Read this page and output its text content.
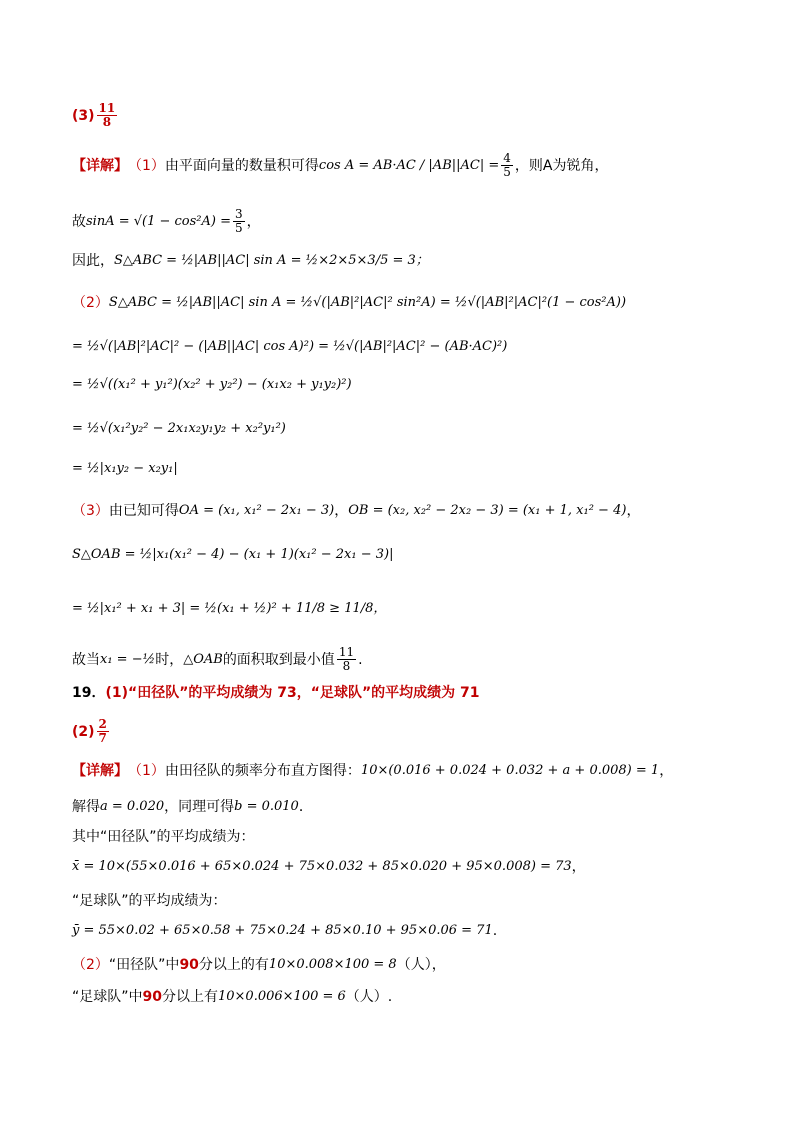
$(3) \frac{11}{8}$
【详解】 （1） 由平面向量的数量积可得 $\cos A = AB\cdot AC / |AB||AC| = \frac{4}{5}$ ，则A为锐角，
故 $\sin A = √(1 - \cos^2A) = \frac{3}{5}$ ，
因此， S△ABC = ½|AB||AC| sin A = ½×2×5×3/5 = 3；
（2） S△ABC = ½|AB||AC| sin A = ½√(|AB|²|AC|² sin²A) = ½√(|AB|²|AC|²(1 − cos²A))
= ½√(|AB|²|AC|² − (|AB||AC| cos A)²) = ½√(|AB|²|AC|² − (AB·AC)²)
= ½√((x₁² + y₁²)(x₂² + y₂²) − (x₁x₂ + y₁y₂)²)
= ½√(x₁²y₂² − 2x₁x₂y₁y₂ + x₂²y₁²)
= ½|x₁y₂ − x₂y₁|
（3） 由已知可得 OA = (x₁, x₁² − 2x₁ − 3) ， OB = (x₂, x₂² − 2x₂ − 3) = (x₁ + 1, x₁² − 4) ，
S△OAB = ½|x₁(x₁² − 4) − (x₁ + 1)(x₁² − 2x₁ − 3)|
= ½|x₁² + x₁ + 3| = ½(x₁ + ½)² + 11/8 ≥ 11/8，
故当 x₁ = −½ 时， △OAB 的面积取到最小值 $\frac{11}{8}$ .
19． (1)“田径队”的平均成绩为 73，“足球队”的平均成绩为 71
$(2) \frac{2}{7}$
【详解】 （1） 由田径队的频率分布直方图得： 10×(0.016 + 0.024 + 0.032 + a + 0.008) = 1 ，
解得 a = 0.020 ，同理可得 b = 0.010 ．
其中“田径队”的平均成绩为：
x̄ = 10×(55×0.016 + 65×0.024 + 75×0.032 + 85×0.020 + 95×0.008) = 73 ，
“足球队”的平均成绩为：
ȳ = 55×0.02 + 65×0.58 + 75×0.24 + 85×0.10 + 95×0.06 = 71 .
（2） “田径队”中 90 分以上的有 10×0.008×100 = 8 （人），
“足球队”中 90 分以上有 10×0.006×100 = 6 （人）.
